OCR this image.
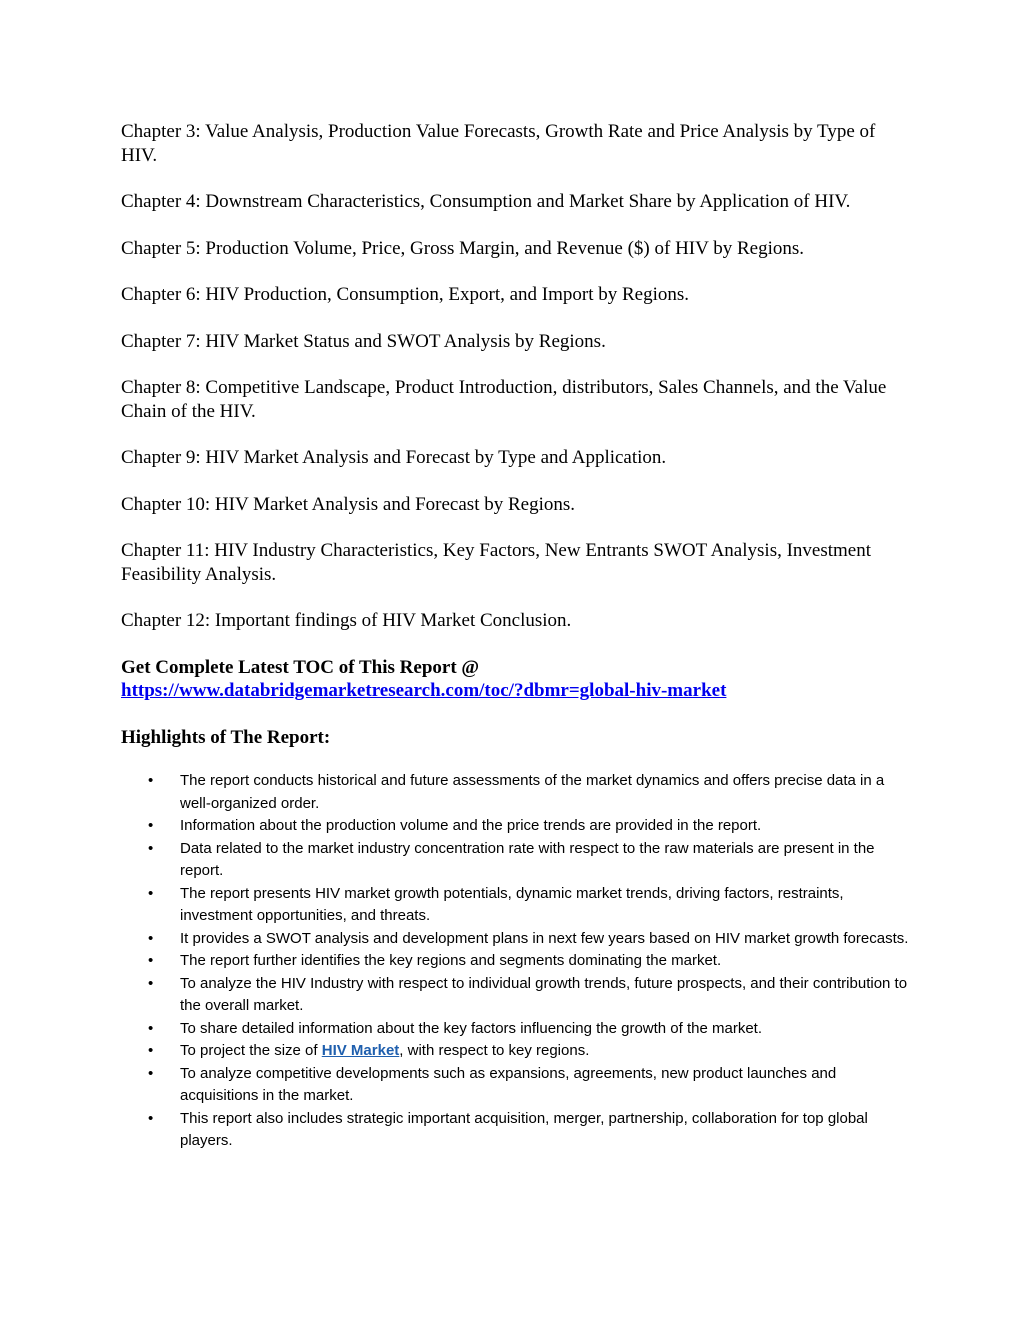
Chapter 3: Value Analysis, Production Value Forecasts, Growth Rate and Price Analysis by Type of HIV.

Chapter 4: Downstream Characteristics, Consumption and Market Share by Application of HIV.

Chapter 5: Production Volume, Price, Gross Margin, and Revenue ($) of HIV by Regions.

Chapter 6: HIV Production, Consumption, Export, and Import by Regions.

Chapter 7: HIV Market Status and SWOT Analysis by Regions.

Chapter 8: Competitive Landscape, Product Introduction, distributors, Sales Channels, and the Value Chain of the HIV.

Chapter 9: HIV Market Analysis and Forecast by Type and Application.

Chapter 10: HIV Market Analysis and Forecast by Regions.

Chapter 11: HIV Industry Characteristics, Key Factors, New Entrants SWOT Analysis, Investment Feasibility Analysis.

Chapter 12: Important findings of HIV Market Conclusion.

Get Complete Latest TOC of This Report @
https://www.databridgemarketresearch.com/toc/?dbmr=global-hiv-market
Highlights of The Report:
• The report conducts historical and future assessments of the market dynamics and offers precise data in a well-organized order.
• Information about the production volume and the price trends are provided in the report.
• Data related to the market industry concentration rate with respect to the raw materials are present in the report.
• The report presents HIV market growth potentials, dynamic market trends, driving factors, restraints, investment opportunities, and threats.
• It provides a SWOT analysis and development plans in next few years based on HIV market growth forecasts.
• The report further identifies the key regions and segments dominating the market.
• To analyze the HIV Industry with respect to individual growth trends, future prospects, and their contribution to the overall market.
• To share detailed information about the key factors influencing the growth of the market.
• To project the size of HIV Market, with respect to key regions.
• To analyze competitive developments such as expansions, agreements, new product launches and acquisitions in the market.
• This report also includes strategic important acquisition, merger, partnership, collaboration for top global players.
